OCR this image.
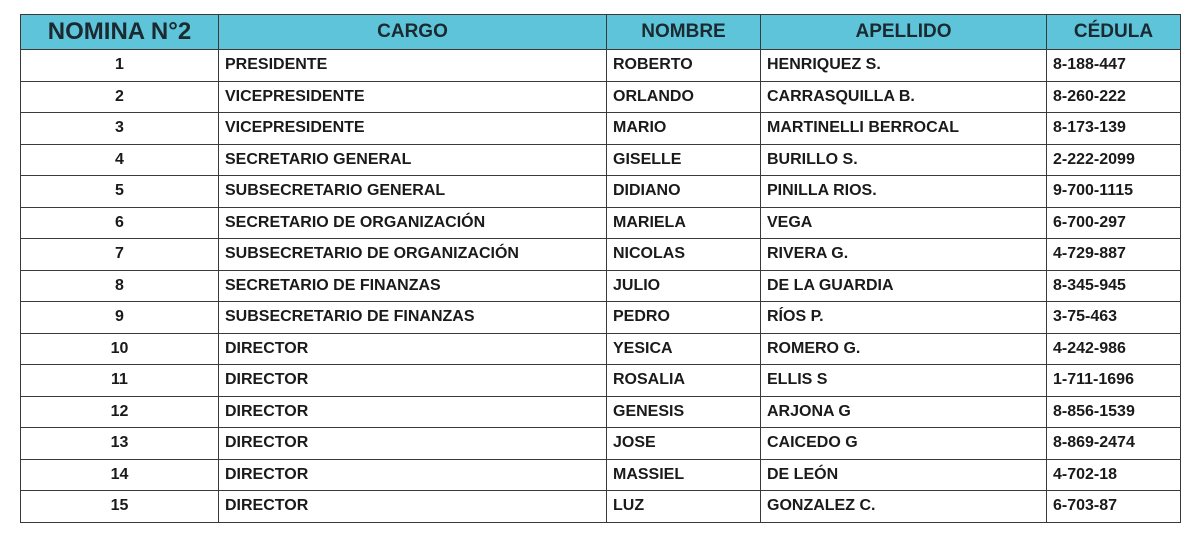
NOMINA N°2	CARGO	NOMBRE	APELLIDO	CÉDULA
1	PRESIDENTE	ROBERTO	HENRIQUEZ S.	8-188-447
2	VICEPRESIDENTE	ORLANDO	CARRASQUILLA B.	8-260-222
3	VICEPRESIDENTE	MARIO	MARTINELLI BERROCAL	8-173-139
4	SECRETARIO GENERAL	GISELLE	BURILLO S.	2-222-2099
5	SUBSECRETARIO GENERAL	DIDIANO	PINILLA RIOS.	9-700-1115
6	SECRETARIO DE ORGANIZACIÓN	MARIELA	VEGA	6-700-297
7	SUBSECRETARIO DE ORGANIZACIÓN	NICOLAS	RIVERA G.	4-729-887
8	SECRETARIO DE FINANZAS	JULIO	DE LA GUARDIA	8-345-945
9	SUBSECRETARIO DE FINANZAS	PEDRO	RÍOS P.	3-75-463
10	DIRECTOR	YESICA	ROMERO G.	4-242-986
11	DIRECTOR	ROSALIA	ELLIS S	1-711-1696
12	DIRECTOR	GENESIS	ARJONA G	8-856-1539
13	DIRECTOR	JOSE	CAICEDO G	8-869-2474
14	DIRECTOR	MASSIEL	DE LEÓN	4-702-18
15	DIRECTOR	LUZ	GONZALEZ C.	6-703-87
